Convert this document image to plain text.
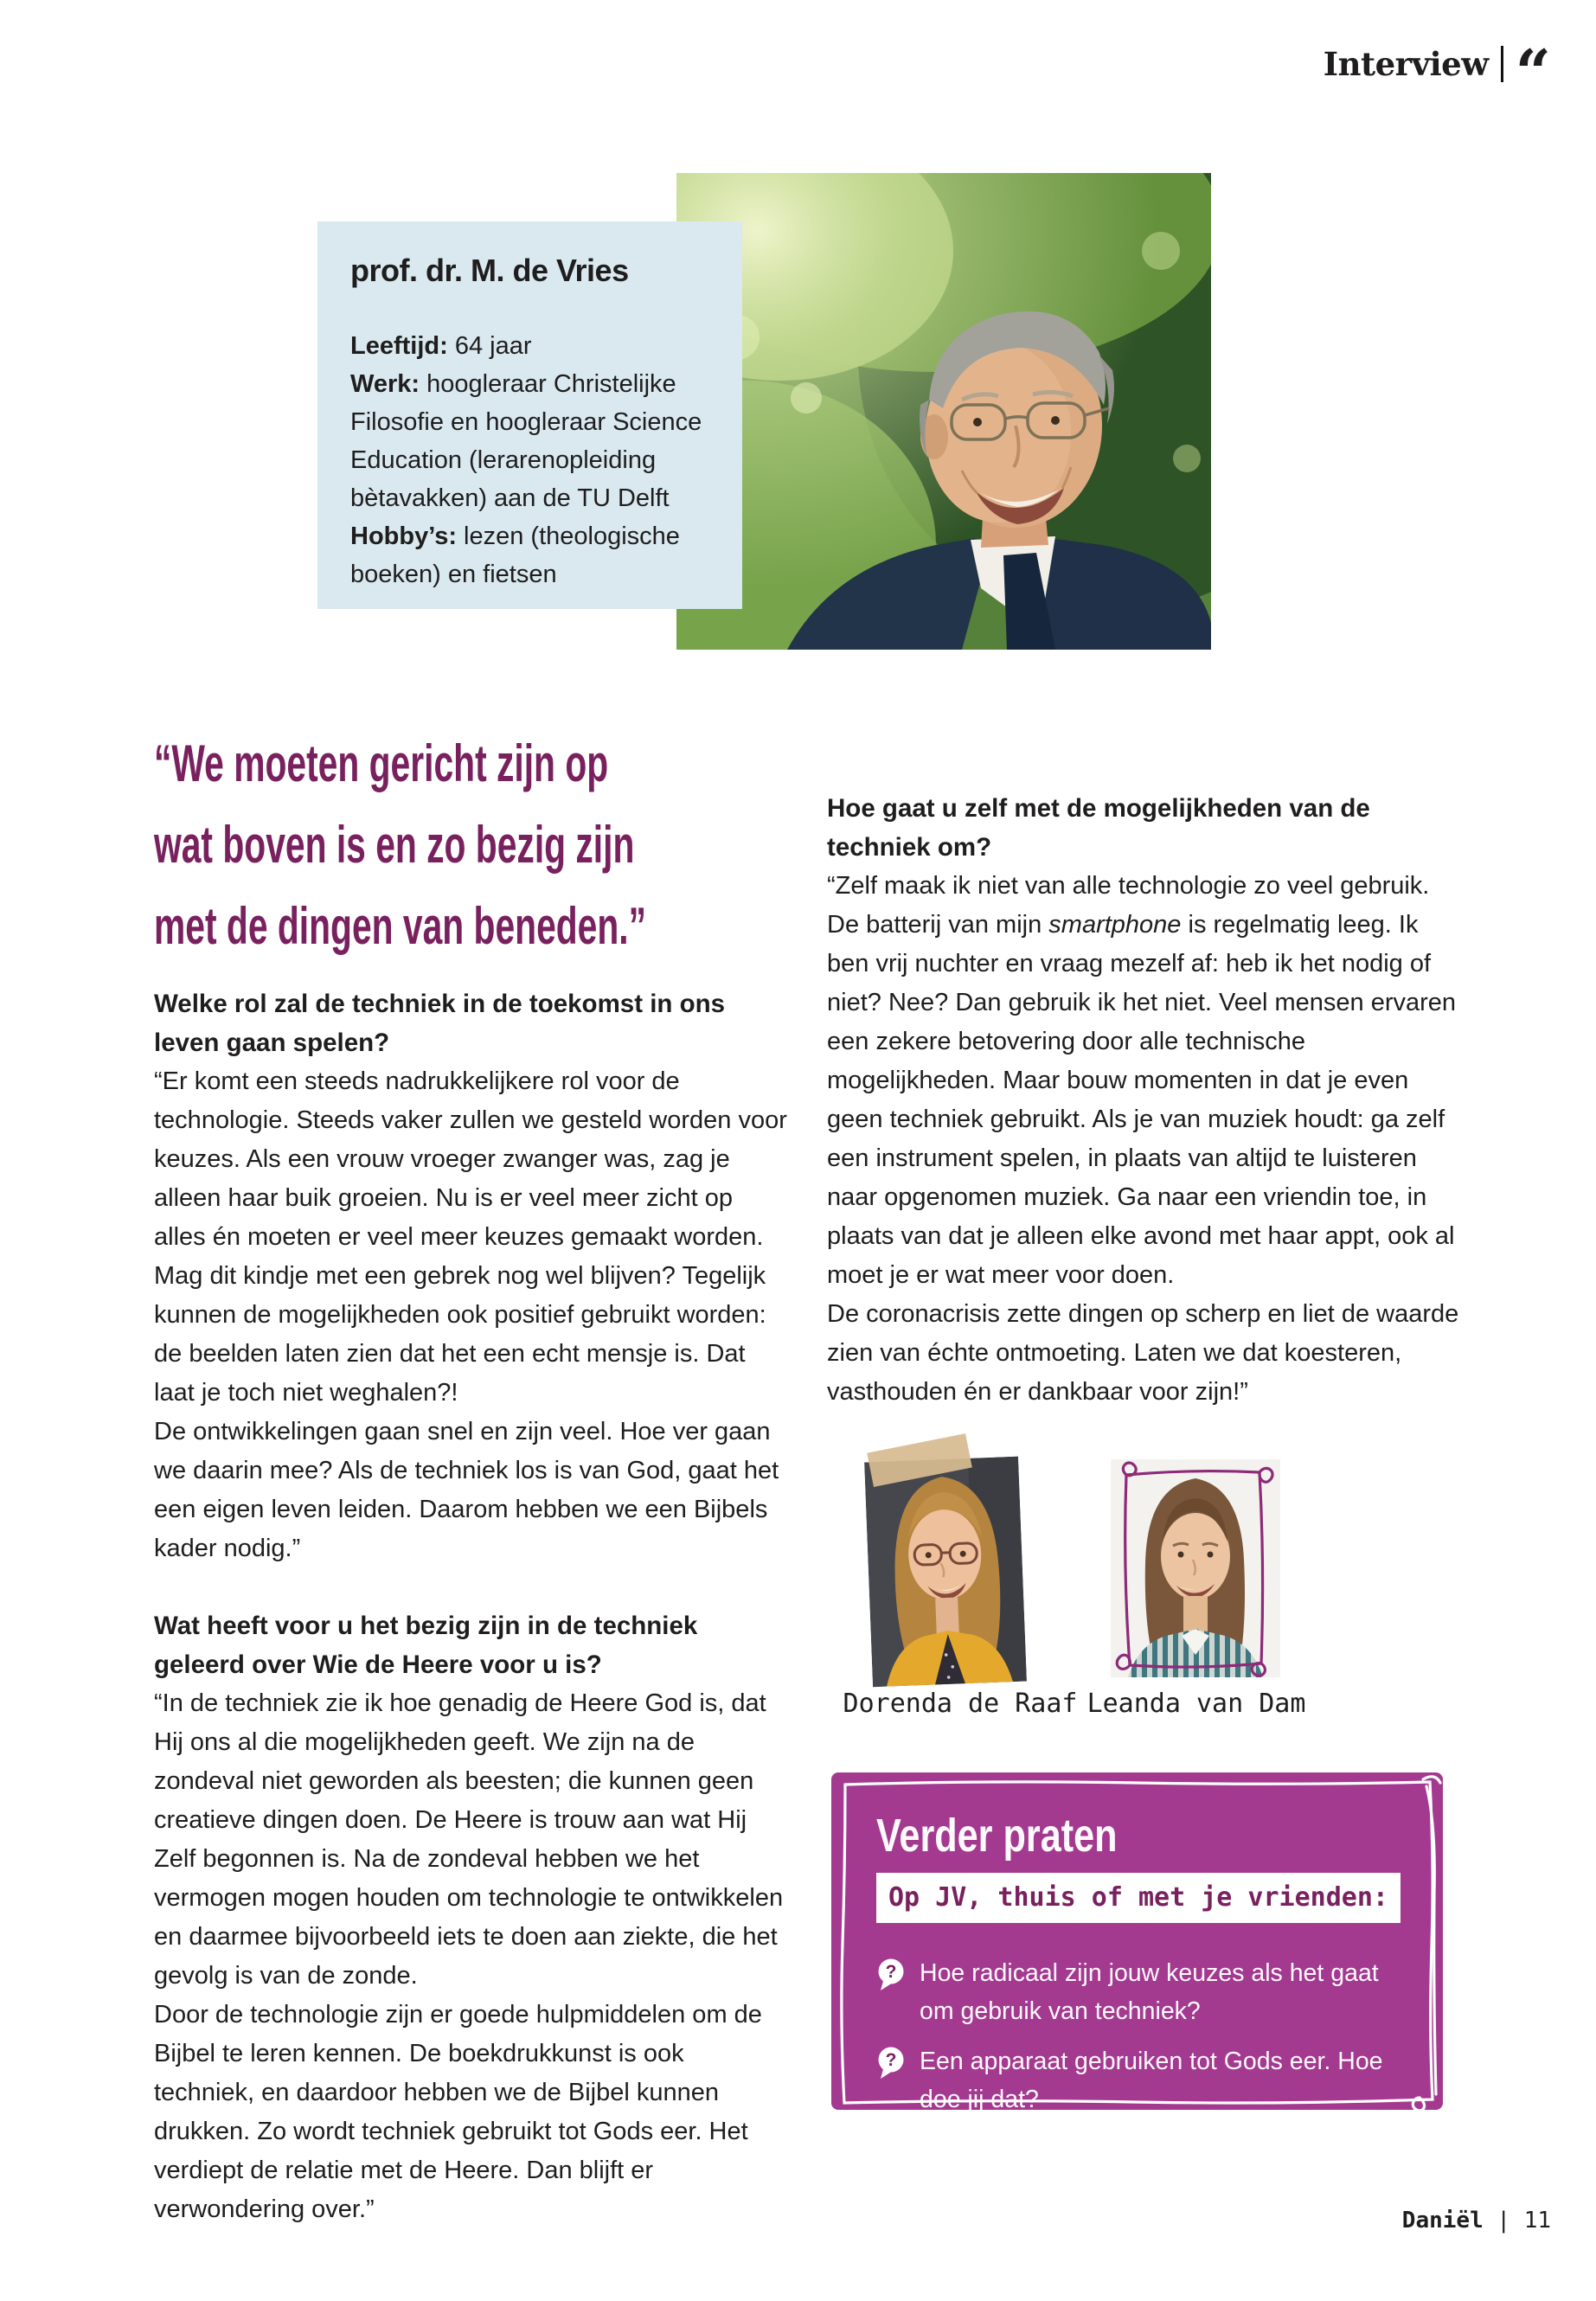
Interview “
prof. dr. M. de Vries

Leeftijd: 64 jaar

Werk: hoogleraar Christelijke Filosofie en hoogleraar Science Education (lerarenopleiding bètavakken) aan de TU Delft

Hobby’s: lezen (theologische boeken) en fietsen

“We moeten gericht zijn op
wat boven is en zo bezig zijn
met de dingen van beneden.”
Welke rol zal de techniek in de toekomst in ons leven gaan spelen?

“Er komt een steeds nadrukkelijkere rol voor de technologie. Steeds vaker zullen we gesteld worden voor keuzes. Als een vrouw vroeger zwanger was, zag je alleen haar buik groeien. Nu is er veel meer zicht op alles én moeten er veel meer keuzes gemaakt worden. Mag dit kindje met een gebrek nog wel blijven? Tegelijk kunnen de mogelijkheden ook positief gebruikt worden: de beelden laten zien dat het een echt mensje is. Dat laat je toch niet weghalen?!

De ontwikkelingen gaan snel en zijn veel. Hoe ver gaan we daarin mee? Als de techniek los is van God, gaat het een eigen leven leiden. Daarom hebben we een Bijbels kader nodig.”

Wat heeft voor u het bezig zijn in de techniek geleerd over Wie de Heere voor u is?

“In de techniek zie ik hoe genadig de Heere God is, dat Hij ons al die mogelijkheden geeft. We zijn na de zondeval niet geworden als beesten; die kunnen geen creatieve dingen doen. De Heere is trouw aan wat Hij Zelf begonnen is. Na de zondeval hebben we het vermogen mogen houden om technologie te ontwikkelen en daarmee bijvoorbeeld iets te doen aan ziekte, die het gevolg is van de zonde.

Door de technologie zijn er goede hulpmiddelen om de Bijbel te leren kennen. De boekdrukkunst is ook techniek, en daardoor hebben we de Bijbel kunnen drukken. Zo wordt techniek gebruikt tot Gods eer. Het verdiept de relatie met de Heere. Dan blijft er verwondering over.”

Hoe gaat u zelf met de mogelijkheden van de techniek om?

“Zelf maak ik niet van alle technologie zo veel gebruik. De batterij van mijn smartphone is regelmatig leeg. Ik ben vrij nuchter en vraag mezelf af: heb ik het nodig of niet? Nee? Dan gebruik ik het niet. Veel mensen ervaren een zekere betovering door alle technische mogelijkheden. Maar bouw momenten in dat je even geen techniek gebruikt. Als je van muziek houdt: ga zelf een instrument spelen, in plaats van altijd te luisteren naar opgenomen muziek. Ga naar een vriendin toe, in plaats van dat je alleen elke avond met haar appt, ook al moet je er wat meer voor doen.

De coronacrisis zette dingen op scherp en liet de waarde zien van échte ontmoeting. Laten we dat koesteren, vasthouden én er dankbaar voor zijn!”

Dorenda de Raaf Leanda van Dam
Verder praten
Op JV, thuis of met je vrienden:
? Hoe radicaal zijn jouw keuzes als het gaat om gebruik van techniek?
? Een apparaat gebruiken tot Gods eer. Hoe doe jij dat?
Daniël | 11
